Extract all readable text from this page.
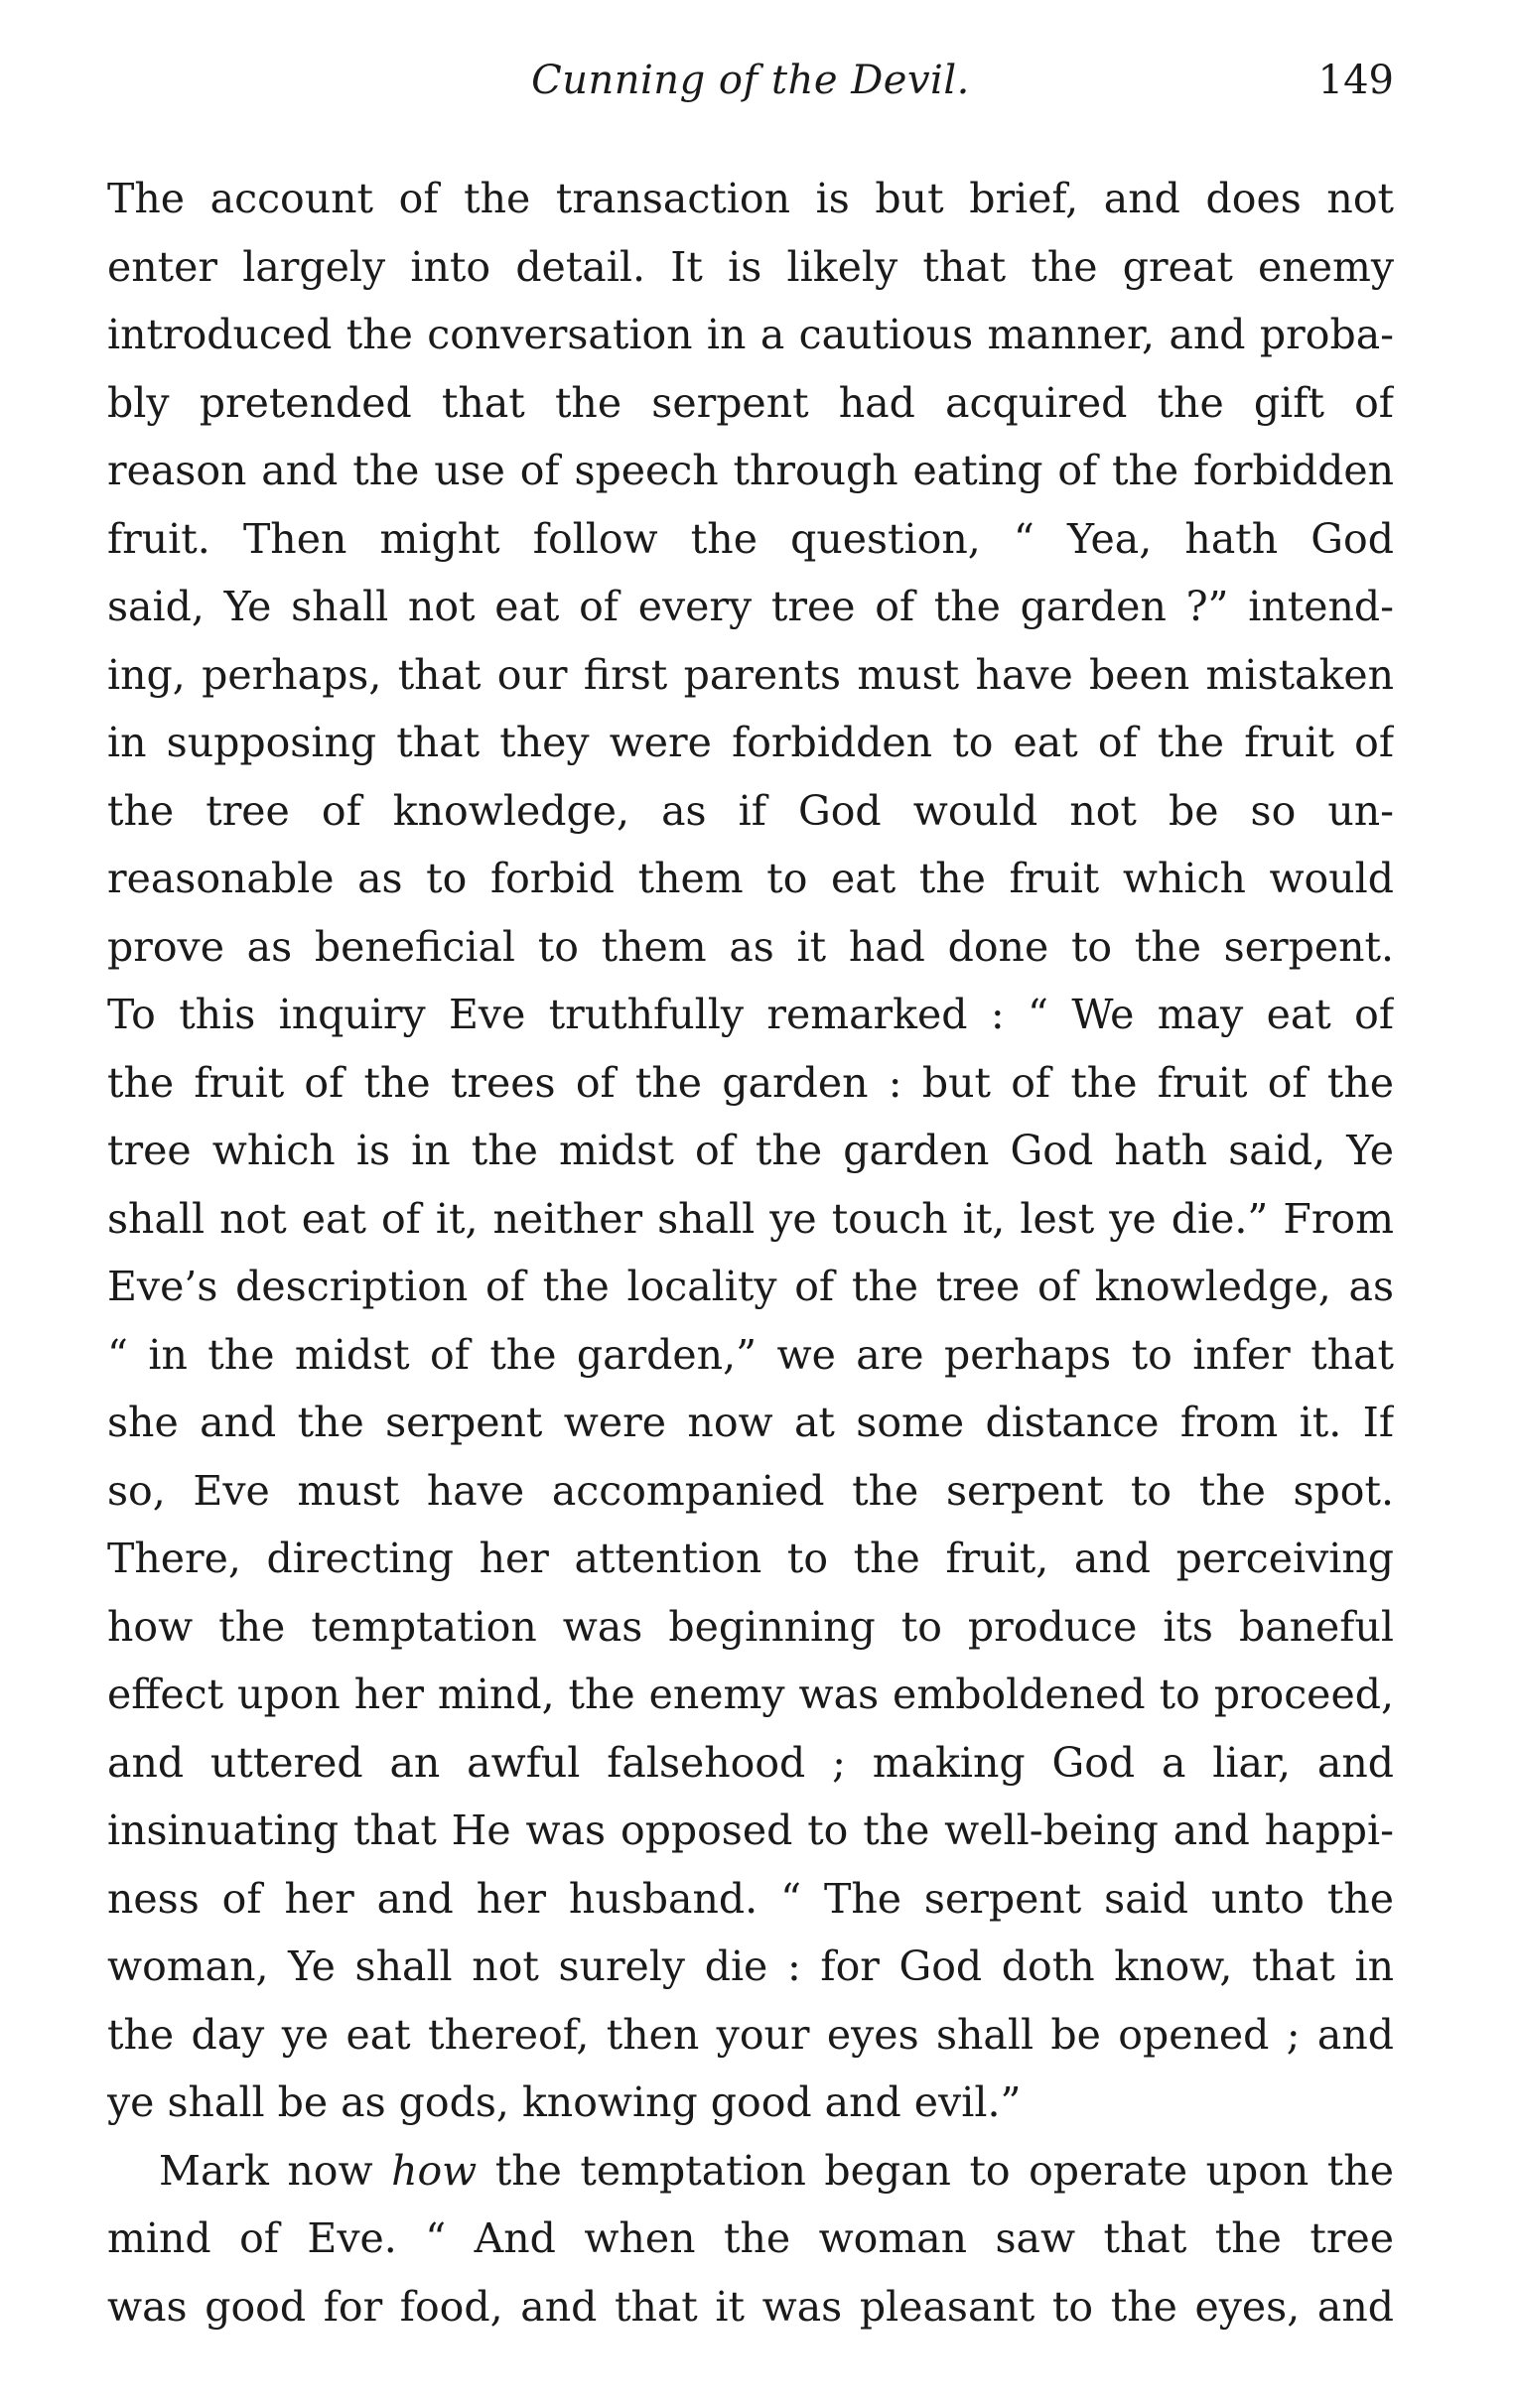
Cunning of the Devil.	149
The account of the transaction is but brief, and does not
enter largely into detail. It is likely that the great enemy
introduced the conversation in a cautious manner, and proba-
bly pretended that the serpent had acquired the gift of
reason and the use of speech through eating of the forbidden
fruit. Then might follow the question, “ Yea, hath God
said, Ye shall not eat of every tree of the garden ?” intend-
ing, perhaps, that our first parents must have been mistaken
in supposing that they were forbidden to eat of the fruit of
the tree of knowledge, as if God would not be so un-
reasonable as to forbid them to eat the fruit which would
prove as beneficial to them as it had done to the serpent.
To this inquiry Eve truthfully remarked : “ We may eat of
the fruit of the trees of the garden : but of the fruit of the
tree which is in the midst of the garden God hath said, Ye
shall not eat of it, neither shall ye touch it, lest ye die.” From
Eve’s description of the locality of the tree of knowledge, as
“ in the midst of the garden,” we are perhaps to infer that
she and the serpent were now at some distance from it. If
so, Eve must have accompanied the serpent to the spot.
There, directing her attention to the fruit, and perceiving
how the temptation was beginning to produce its baneful
effect upon her mind, the enemy was emboldened to proceed,
and uttered an awful falsehood ; making God a liar, and
insinuating that He was opposed to the well-being and happi-
ness of her and her husband. “ The serpent said unto the
woman, Ye shall not surely die : for God doth know, that in
the day ye eat thereof, then your eyes shall be opened ; and
ye shall be as gods, knowing good and evil.”
Mark now how the temptation began to operate upon the
mind of Eve. “ And when the woman saw that the tree
was good for food, and that it was pleasant to the eyes, and
